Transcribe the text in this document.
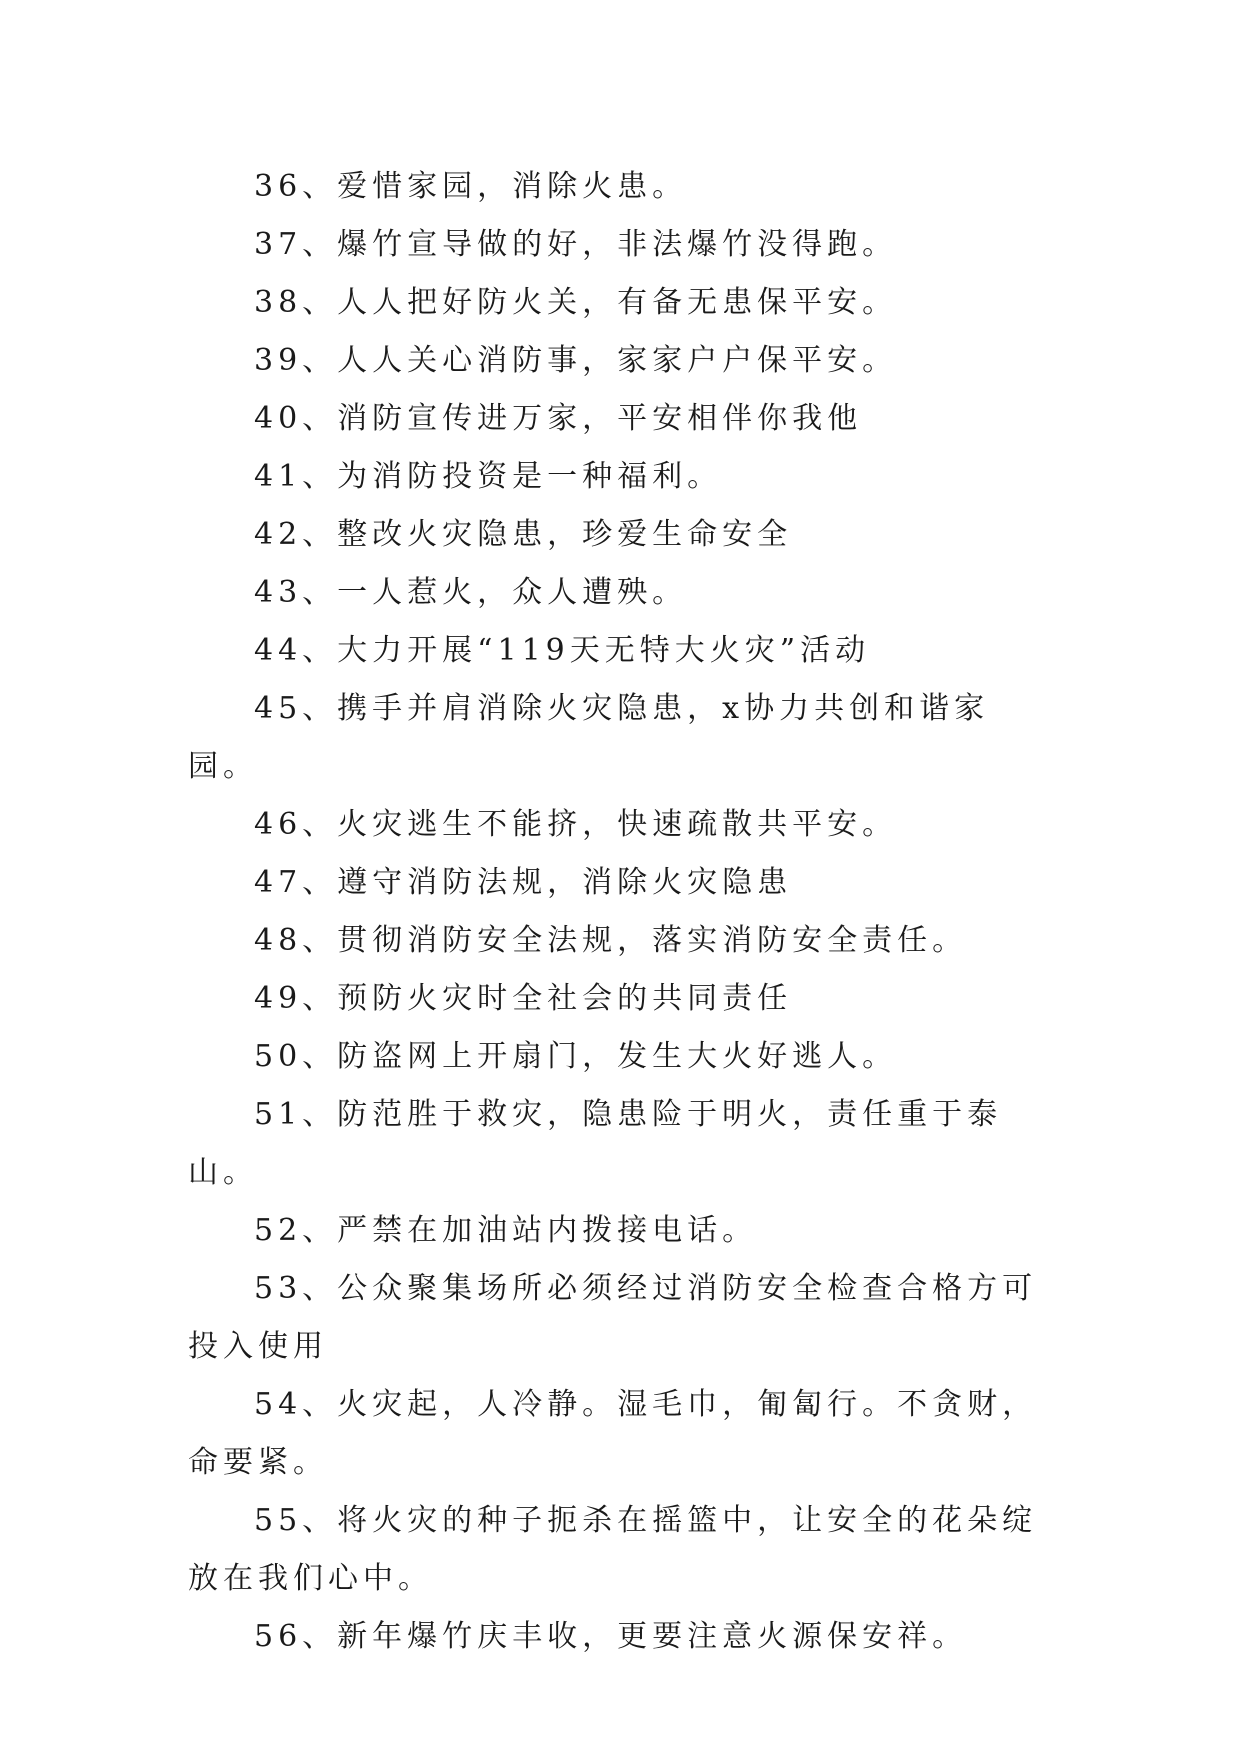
36、爱惜家园，消除火患。

37、爆竹宣导做的好，非法爆竹没得跑。

38、人人把好防火关，有备无患保平安。

39、人人关心消防事，家家户户保平安。

40、消防宣传进万家，平安相伴你我他

41、为消防投资是一种福利。

42、整改火灾隐患，珍爱生命安全

43、一人惹火，众人遭殃。

44、大力开展“119天无特大火灾”活动

45、携手并肩消除火灾隐患，x协力共创和谐家园。

46、火灾逃生不能挤，快速疏散共平安。

47、遵守消防法规，消除火灾隐患

48、贯彻消防安全法规，落实消防安全责任。

49、预防火灾时全社会的共同责任

50、防盗网上开扇门，发生大火好逃人。

51、防范胜于救灾，隐患险于明火，责任重于泰山。

52、严禁在加油站内拨接电话。

53、公众聚集场所必须经过消防安全检查合格方可投入使用

54、火灾起，人冷静。湿毛巾，匍匐行。不贪财，命要紧。

55、将火灾的种子扼杀在摇篮中，让安全的花朵绽放在我们心中。

56、新年爆竹庆丰收，更要注意火源保安祥。
